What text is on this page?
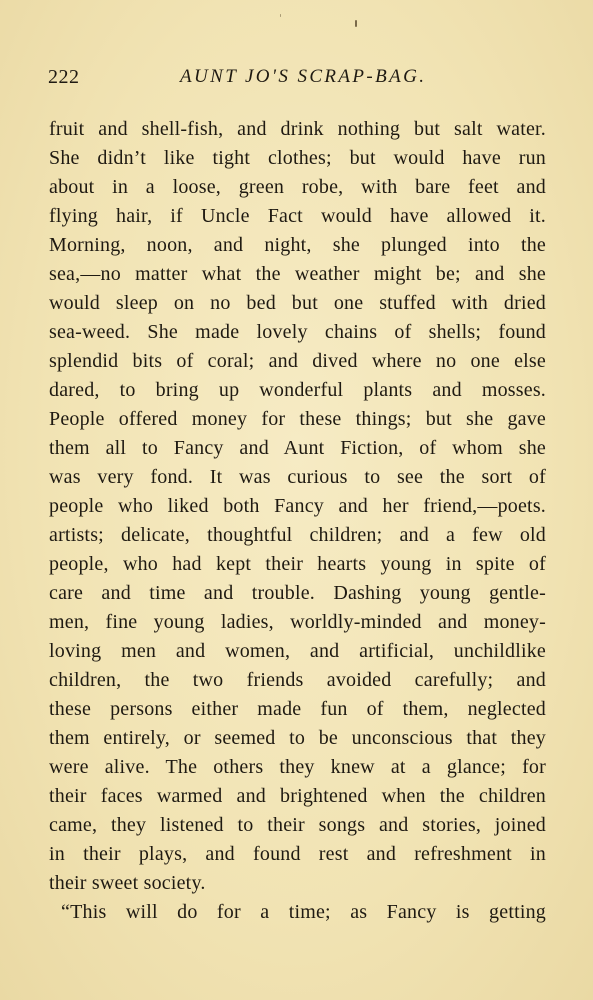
222	AUNT JO'S SCRAP-BAG.
fruit and shell-fish, and drink nothing but salt water.
She didn’t like tight clothes; but would have run
about in a loose, green robe, with bare feet and
flying hair, if Uncle Fact would have allowed it.
Morning, noon, and night, she plunged into the
sea,—no matter what the weather might be; and she
would sleep on no bed but one stuffed with dried
sea-weed. She made lovely chains of shells; found
splendid bits of coral; and dived where no one else
dared, to bring up wonderful plants and mosses.
People offered money for these things; but she gave
them all to Fancy and Aunt Fiction, of whom she
was very fond. It was curious to see the sort of
people who liked both Fancy and her friend,—poets.
artists; delicate, thoughtful children; and a few old
people, who had kept their hearts young in spite of
care and time and trouble. Dashing young gentle-
men, fine young ladies, worldly-minded and money-
loving men and women, and artificial, unchildlike
children, the two friends avoided carefully; and
these persons either made fun of them, neglected
them entirely, or seemed to be unconscious that they
were alive. The others they knew at a glance; for
their faces warmed and brightened when the children
came, they listened to their songs and stories, joined
in their plays, and found rest and refreshment in
their sweet society.
“This will do for a time; as Fancy is getting
